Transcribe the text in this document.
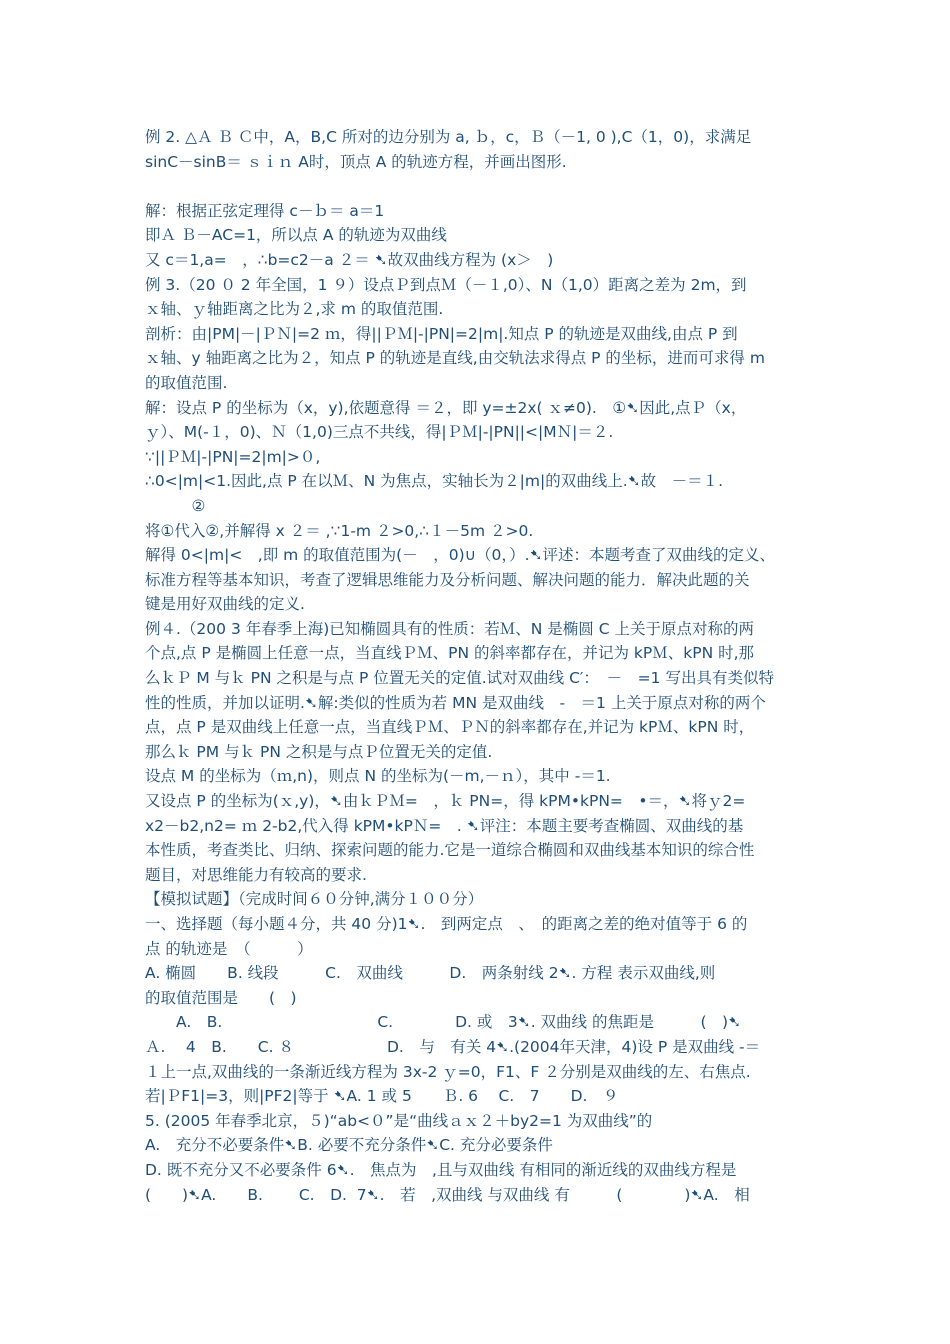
例 2. △Ａ Ｂ Ｃ中，A，B,C 所对的边分别为 a, ｂ，c，Ｂ（－1, 0 ),C（1，0)，求满足
sinC－sinB＝ ｓｉｎ A时，顶点 A 的轨迹方程，并画出图形.
解：根据正弦定理得 c－ｂ＝ a＝1
即Ａ Ｂ－AC=1，所以点 A 的轨迹为双曲线
又 c＝1,a=　，∴b=c2－a ２＝ ➷故双曲线方程为 (x＞　)
例 3.（20 ０ 2 年全国，1 ９）设点Ｐ到点Ｍ（－１,0）、N（1,0）距离之差为 2m，到
ｘ轴、ｙ轴距离之比为２,求 m 的取值范围.
剖析：由|PM|－|ＰＮ|=2 ｍ，得||ＰＭ|-|PN|=2|m|.知点 P 的轨迹是双曲线,由点 P 到
ｘ轴、y 轴距离之比为２，知点 P 的轨迹是直线,由交轨法求得点 P 的坐标，进而可求得 m
的取值范围.
解：设点 P 的坐标为（x，y),依题意得 ＝２，即 y=±2x( ｘ≠0).　①➷因此,点Ｐ（x，
ｙ）、M(-１，0)、Ｎ（1,0)三点不共线，得|ＰＭ|-|PN||<|MＮ|＝２.
∵||ＰＭ|-|PN|=2|m|>０,
∴0<|m|<1.因此,点 P 在以Ｍ、N 为焦点，实轴长为２|m|的双曲线上.➷故　－＝１.
　　　②
将①代入②,并解得 x ２＝ ,∵1-m ２>0,∴１－5m ２>0.
解得 0<|m|<　,即 m 的取值范围为(－　，0)∪（0，）.➷评述：本题考查了双曲线的定义、
标准方程等基本知识，考查了逻辑思维能力及分析问题、解决问题的能力．解决此题的关
键是用好双曲线的定义.
例４.（200 3 年春季上海)已知椭圆具有的性质：若Ｍ、N 是椭圆 C 上关于原点对称的两
个点,点 P 是椭圆上任意一点，当直线ＰＭ、PN 的斜率都存在，并记为 kPＭ、kPN 时,那
么ｋＰ M 与ｋ PN 之积是与点 P 位置无关的定值.试对双曲线 C′：　－　=1 写出具有类似特
性的性质，并加以证明.➷解:类似的性质为若 MN 是双曲线　-　＝1 上关于原点对称的两个
点，点 P 是双曲线上任意一点，当直线ＰＭ、ＰＮ的斜率都存在,并记为 kPＭ、kPN 时，
那么ｋ PM 与ｋ PN 之积是与点Ｐ位置无关的定值.
设点 M 的坐标为（ｍ,n)，则点 N 的坐标为(－m,－ｎ），其中 -＝1.
又设点 P 的坐标为(ｘ,y)，➷由ｋＰＭ=　，ｋ PN=，得 kPM•kPN=　•＝，➷将ｙ2=
x2－b2,n2= ｍ 2-b2,代入得 kPM•kPＮ=　. ➷评注：本题主要考查椭圆、双曲线的基
本性质，考查类比、归纳、探索问题的能力.它是一道综合椭圆和双曲线基本知识的综合性
题目，对思维能力有较高的要求.
【模拟试题】（完成时间６０分钟,满分１００分）
一、选择题（每小题４分，共 40 分)1➷.　到两定点　、　的距离之差的绝对值等于 6 的
点 的轨迹是　（　　　）
A. 椭圆　　B. 线段　　　C.　双曲线　　　D.　两条射线 2➷. 方程 表示双曲线,则
的取值范围是　　(　)
　　A.　B.　　　　　　　　　　C.　　　　D. 或　3➷. 双曲线 的焦距是　　　(　)➷
Ａ.　 4　B.　　C. ８　　　　　　D.　与　有关 4➷.(2004年天津，4)设 P 是双曲线 -＝
１上一点,双曲线的一条渐近线方程为 3x-2 ｙ=0，F1、F ２分别是双曲线的左、右焦点.
若|ＰF1|=3，则|PF2|等于 ➷A. 1 或 5　　Ｂ. 6　 C.　7　　D.　９
5. (2005 年春季北京，５)“ab<０”是“曲线ａｘ２＋by2=1 为双曲线”的
A.　充分不必要条件➷B. 必要不充分条件➷C. 充分必要条件
D. 既不充分又不必要条件 6➷.　焦点为　,且与双曲线 有相同的渐近线的双曲线方程是
(　　)➷A.　　B.　　 C.　D.  7➷.　若　,双曲线 与双曲线 有　　　(　　　　)➷A.　相
